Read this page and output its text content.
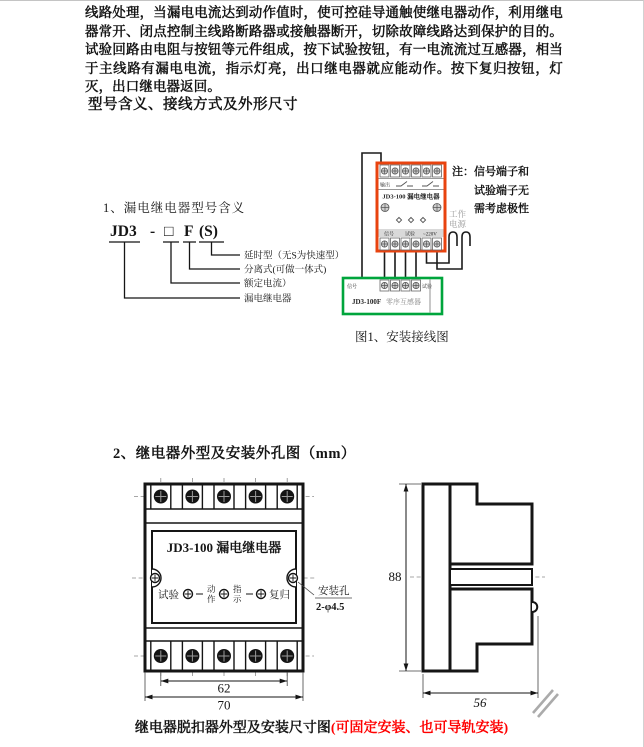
线路处理，当漏电电流达到动作值时，使可控硅导通触使继电器动作，利用继电器常开、闭点控制主线路断路器或接触器断开，切除故障线路达到保护的目的。试验回路由电阻与按钮等元件组成，按下试验按钮，有一电流流过互感器，相当于主线路有漏电电流，指示灯亮，出口继电器就应能动作。按下复归按钮，灯灭，出口继电器返回。
型号含义、接线方式及外形尺寸
1、漏电继电器型号含义
JD3 - □ F (S)
延时型（无S为快速型）
分离式(可做一体式)
额定电流）
漏电继电器
输出
JD3-100 漏电继电器
信号 试验 ~220V
注：信号端子和
试验端子无
需考虑极性
工作
电源
信号	试验
JD3-100F 零序互感器
图1、安装接线图
2、继电器外型及安装外孔图（mm）
JD3-100 漏电继电器
试验
动
作
指
示	复归	安装孔
2-φ4.5
62
70
88
56
继电器脱扣器外型及安装尺寸图(可固定安装、也可导轨安装)
